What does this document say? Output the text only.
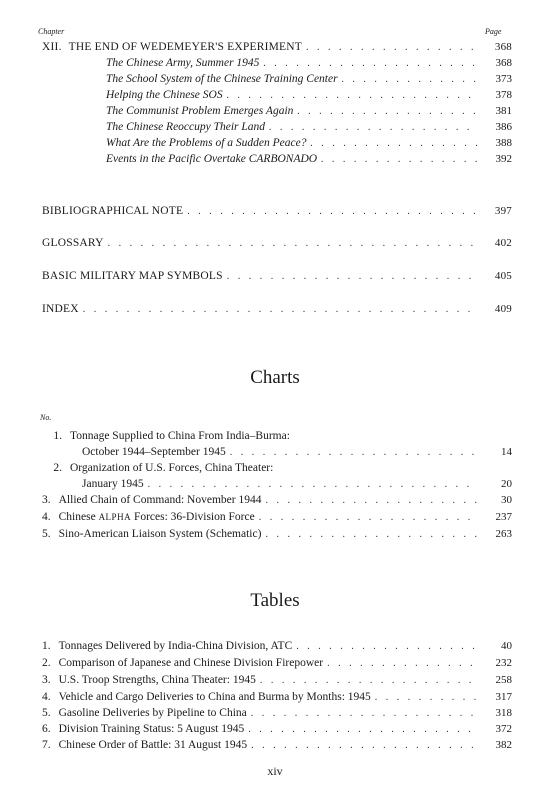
Chapter	Page
XII. THE END OF WEDEMEYER'S EXPERIMENT . . .	368
The Chinese Army, Summer 1945 . . .	368
The School System of the Chinese Training Center . . .	373
Helping the Chinese SOS . . .	378
The Communist Problem Emerges Again . . .	381
The Chinese Reoccupy Their Land . . .	386
What Are the Problems of a Sudden Peace? . . .	388
Events in the Pacific Overtake CARBONADO . . .	392
BIBLIOGRAPHICAL NOTE . . .	397
GLOSSARY . . .	402
BASIC MILITARY MAP SYMBOLS . . .	405
INDEX . . .	409
Charts
No.
1. Tonnage Supplied to China From India–Burma:
October 1944–September 1945 . . .	14
2. Organization of U.S. Forces, China Theater:
January 1945 . . .	20
3. Allied Chain of Command: November 1944 . . .	30
4. Chinese ALPHA Forces: 36-Division Force . . .	237
5. Sino-American Liaison System (Schematic) . . .	263
Tables
1. Tonnages Delivered by India-China Division, ATC . . .	40
2. Comparison of Japanese and Chinese Division Firepower . . .	232
3. U.S. Troop Strengths, China Theater: 1945 . . .	258
4. Vehicle and Cargo Deliveries to China and Burma by Months: 1945 . . .	317
5. Gasoline Deliveries by Pipeline to China . . .	318
6. Division Training Status: 5 August 1945 . . .	372
7. Chinese Order of Battle: 31 August 1945 . . .	382
xiv
